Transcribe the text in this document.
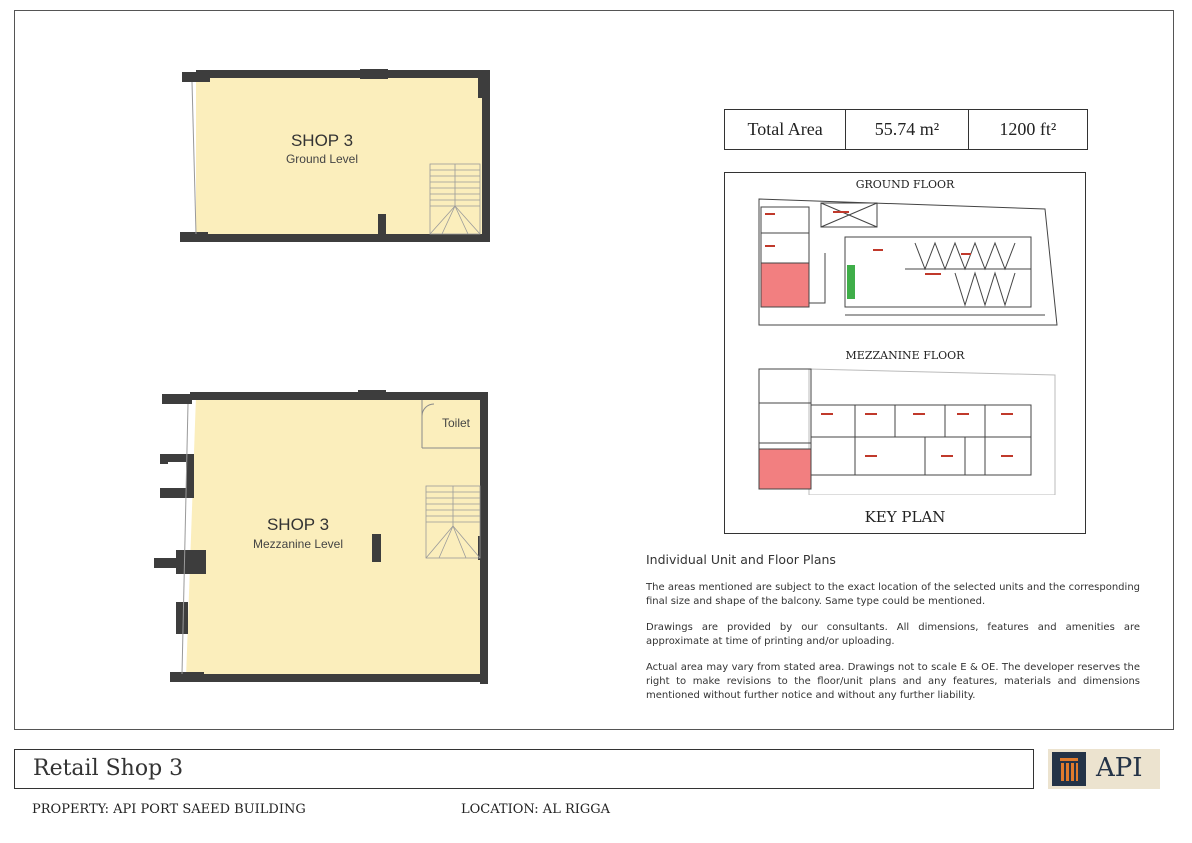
SHOP 3
Ground Level
Toilet
SHOP 3
Mezzanine Level
Total Area	55.74 m²	1200 ft²
GROUND FLOOR
MEZZANINE FLOOR
KEY PLAN
Individual Unit and Floor Plans

The areas mentioned are subject to the exact location of the selected units and the corresponding final size and shape of the balcony. Same type could be mentioned.

Drawings are provided by our consultants. All dimensions, features and amenities are approximate at time of printing and/or uploading.

Actual area may vary from stated area. Drawings not to scale E & OE. The developer reserves the right to make revisions to the floor/unit plans and any features, materials and dimensions mentioned without further notice and without any further liability.

Retail Shop 3	API
PROPERTY: API PORT SAEED BUILDING	LOCATION: AL RIGGA
